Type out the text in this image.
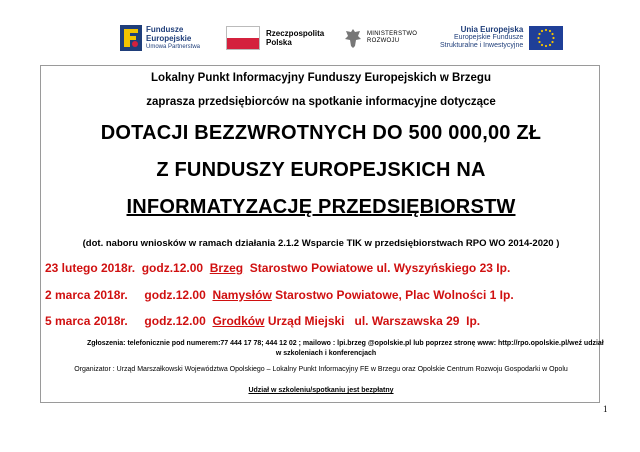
Fundusze
Europejskie
Umowa Partnerstwa
Rzeczpospolita
Polska
MINISTERSTWO
ROZWOJU
Unia Europejska
Europejskie Fundusze
Strukturalne i Inwestycyjne
Lokalny Punkt Informacyjny Funduszy Europejskich w Brzegu
zaprasza przedsiębiorców na spotkanie informacyjne dotyczące
DOTACJI BEZZWROTNYCH DO 500 000,00 ZŁ
Z FUNDUSZY EUROPEJSKICH NA
INFORMATYZACJĘ PRZEDSIĘBIORSTW
(dot. naboru wniosków w ramach działania 2.1.2 Wsparcie TIK w przedsiębiorstwach RPO WO 2014-2020 )
23 lutego 2018r. godz.12.00 Brzeg Starostwo Powiatowe ul. Wyszyńskiego 23 Ip.
2 marca 2018r. godz.12.00 Namysłów Starostwo Powiatowe, Plac Wolności 1 Ip.
5 marca 2018r. godz.12.00 Grodków Urząd Miejski   ul. Warszawska 29  Ip.
Zgłoszenia: telefonicznie pod numerem:77 444 17 78; 444 12 02 ; mailowo : lpi.brzeg @opolskie.pl lub poprzez stronę www: http://rpo.opolskie.pl/weź udział
w szkoleniach i konferencjach
Organizator : Urząd Marszałkowski Województwa Opolskiego – Lokalny Punkt Informacyjny FE w Brzegu oraz Opolskie Centrum Rozwoju Gospodarki w Opolu
Udział w szkoleniu/spotkaniu jest bezpłatny
1
